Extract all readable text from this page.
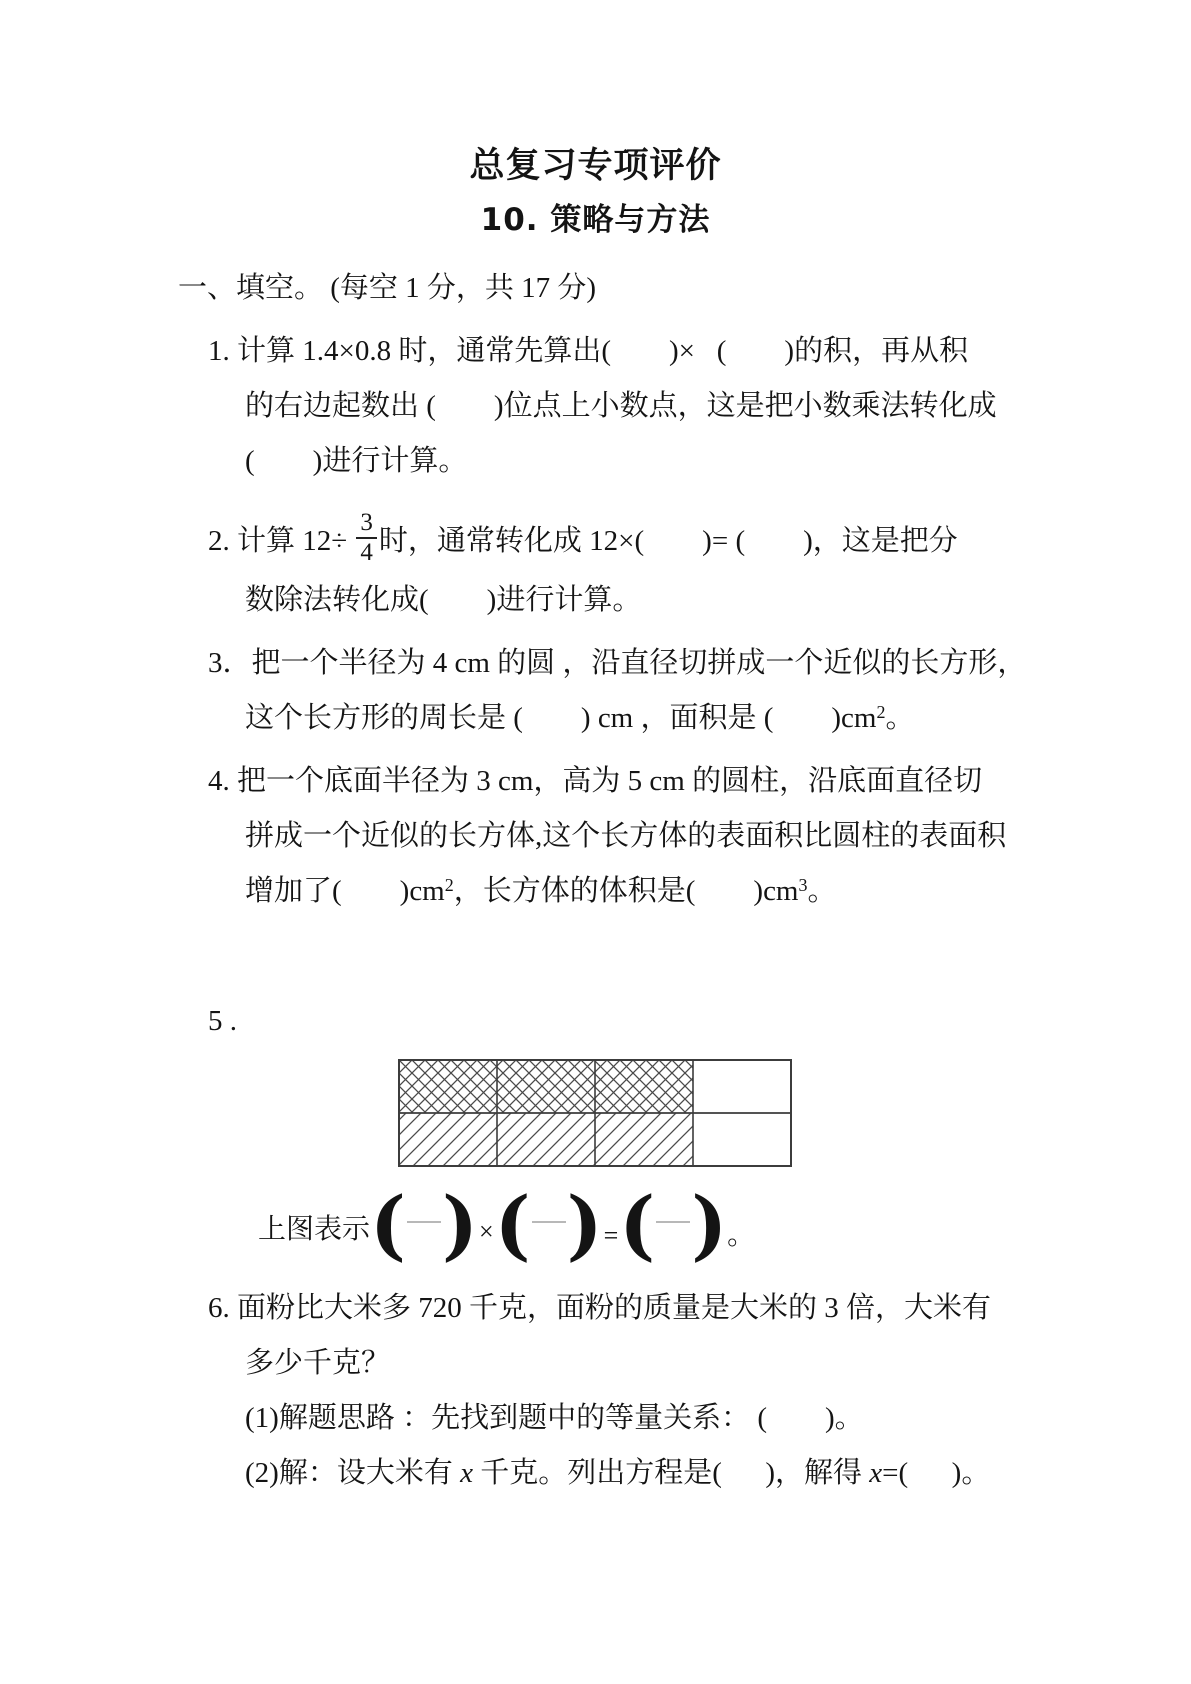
总复习专项评价
10. 策略与方法
一、填空。 (每空 1 分，共 17 分)
1. 计算 1.4×0.8 时，通常先算出(        )×   (        )的积，再从积
的右边起数出 (        )位点上小数点，这是把小数乘法转化成
(        )进行计算。
2. 计算 $12\div \frac{3}{4}$ 时，通常转化成 12×(        )= (        )，这是把分
数除法转化成(        )进行计算。
3．把一个半径为 4 cm 的圆 ，沿直径切拼成一个近似的长方形，
这个长方形的周长是 (        ) cm ，面积是 (        )$cm^2$。
4. 把一个底面半径为 3 cm，高为 5 cm 的圆柱，沿底面直径切
拼成一个近似的长方体,这个长方体的表面积比圆柱的表面积
增加了(        )$cm^2$，长方体的体积是(        )$cm^3$。
5 .
上图表示 ( ) × ( ) = ( ) 。
6. 面粉比大米多 720 千克，面粉的质量是大米的 3 倍，大米有
多少千克？
(1)解题思路 ：先找到题中的等量关系： (        )。
(2)解：设大米有 x 千克。列出方程是(      )，解得 x=(      )。
